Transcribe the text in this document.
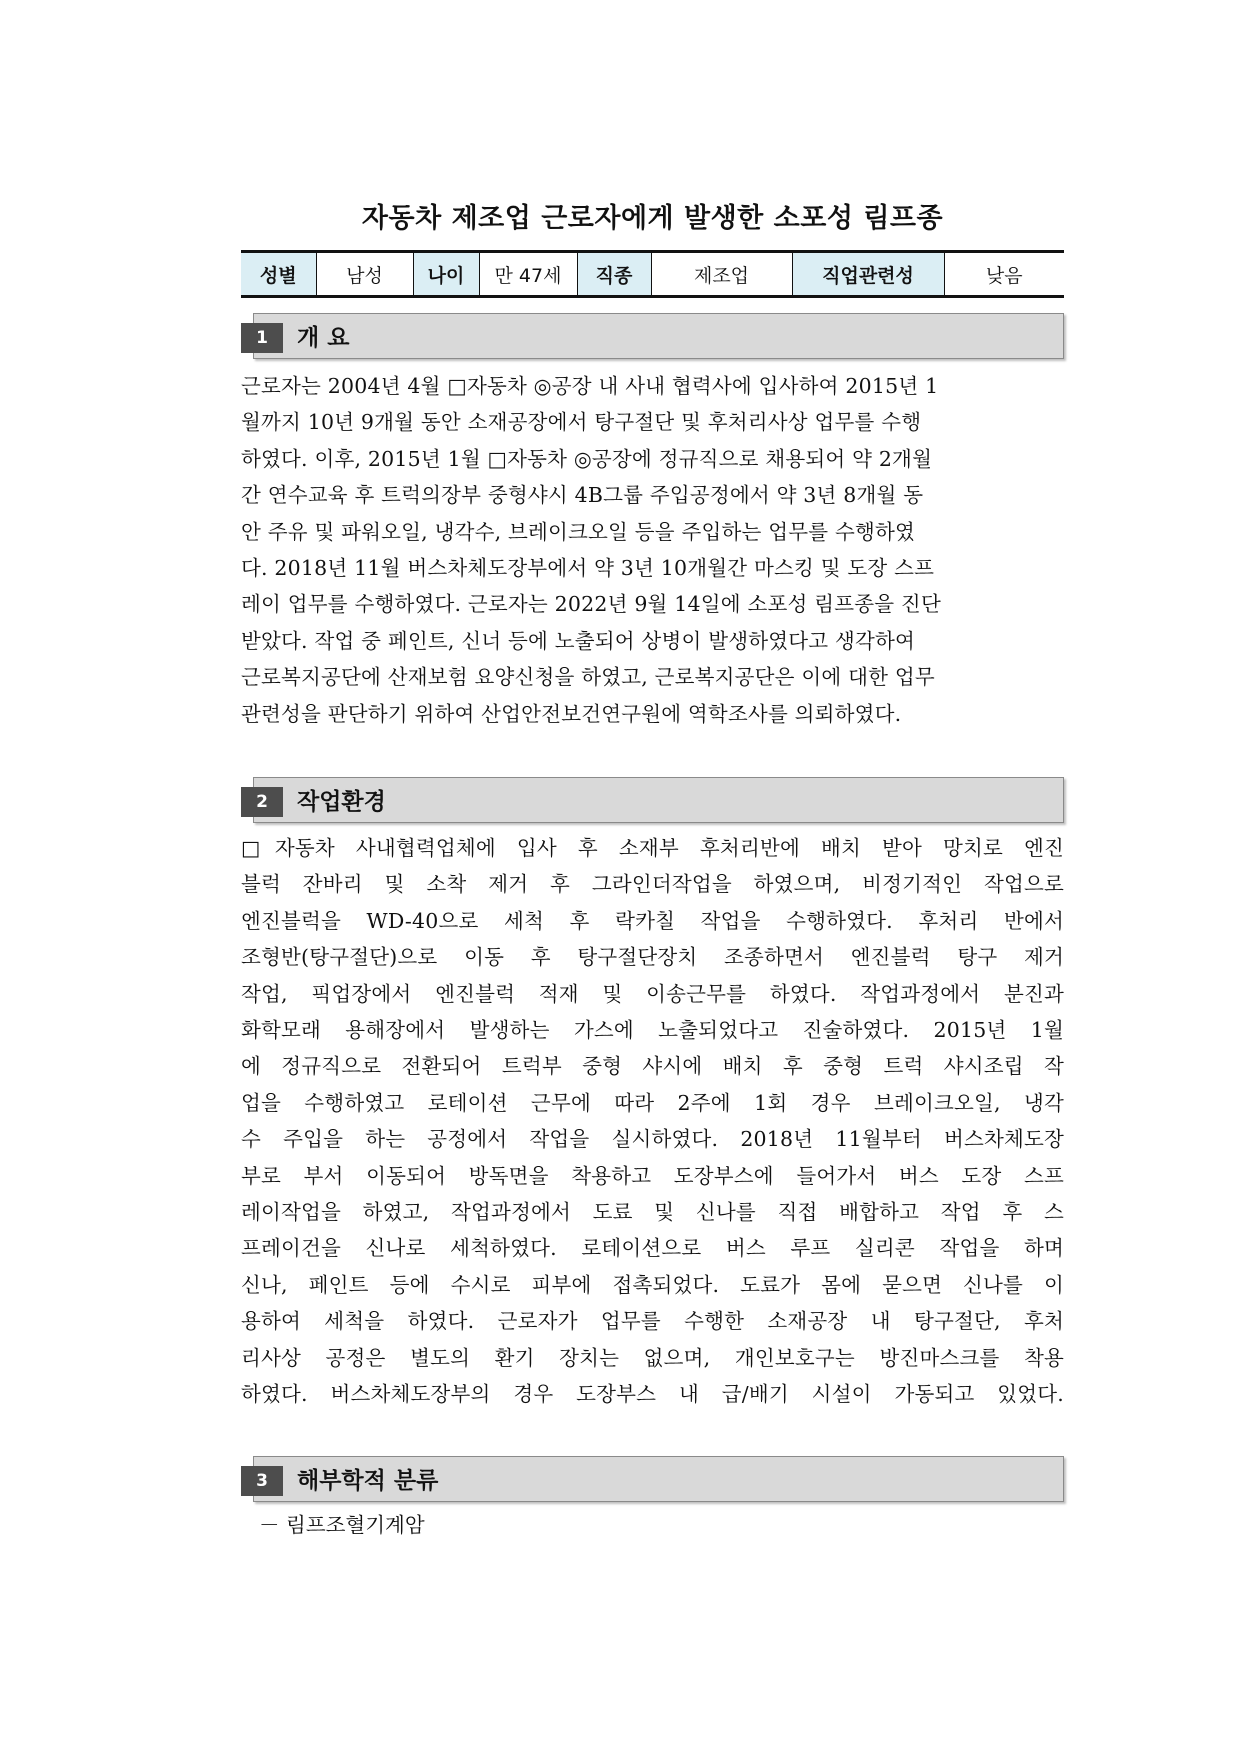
자동차 제조업 근로자에게 발생한 소포성 림프종
성별	남성	나이	만 47세	직종	제조업	직업관련성	낮음
1	개 요
근로자는 2004년 4월 □자동차 ◎공장 내 사내 협력사에 입사하여 2015년 1
월까지 10년 9개월 동안 소재공장에서 탕구절단 및 후처리사상 업무를 수행
하였다. 이후, 2015년 1월 □자동차 ◎공장에 정규직으로 채용되어 약 2개월
간 연수교육 후 트럭의장부 중형샤시 4B그룹 주입공정에서 약 3년 8개월 동
안 주유 및 파워오일, 냉각수, 브레이크오일 등을 주입하는 업무를 수행하였
다. 2018년 11월 버스차체도장부에서 약 3년 10개월간 마스킹 및 도장 스프
레이 업무를 수행하였다. 근로자는 2022년 9월 14일에 소포성 림프종을 진단
받았다. 작업 중 페인트, 신너 등에 노출되어 상병이 발생하였다고 생각하여
근로복지공단에 산재보험 요양신청을 하였고, 근로복지공단은 이에 대한 업무
관련성을 판단하기 위하여 산업안전보건연구원에 역학조사를 의뢰하였다.
2	작업환경
□자동차 사내협력업체에 입사 후 소재부 후처리반에 배치 받아 망치로 엔진
블럭 잔바리 및 소착 제거 후 그라인더작업을 하였으며, 비정기적인 작업으로
엔진블럭을 WD-40으로 세척 후 락카칠 작업을 수행하였다. 후처리 반에서
조형반(탕구절단)으로 이동 후 탕구절단장치 조종하면서 엔진블럭 탕구 제거
작업, 픽업장에서 엔진블럭 적재 및 이송근무를 하였다. 작업과정에서 분진과
화학모래 용해장에서 발생하는 가스에 노출되었다고 진술하였다. 2015년 1월
에 정규직으로 전환되어 트럭부 중형 샤시에 배치 후 중형 트럭 샤시조립 작
업을 수행하였고 로테이션 근무에 따라 2주에 1회 경우 브레이크오일, 냉각
수 주입을 하는 공정에서 작업을 실시하였다. 2018년 11월부터 버스차체도장
부로 부서 이동되어 방독면을 착용하고 도장부스에 들어가서 버스 도장 스프
레이작업을 하였고, 작업과정에서 도료 및 신나를 직접 배합하고 작업 후 스
프레이건을 신나로 세척하였다. 로테이션으로 버스 루프 실리콘 작업을 하며
신나, 페인트 등에 수시로 피부에 접촉되었다. 도료가 몸에 묻으면 신나를 이
용하여 세척을 하였다. 근로자가 업무를 수행한 소재공장 내 탕구절단, 후처
리사상 공정은 별도의 환기 장치는 없으며, 개인보호구는 방진마스크를 착용
하였다. 버스차체도장부의 경우 도장부스 내 급/배기 시설이 가동되고 있었다.
3	해부학적 분류
－ 림프조혈기계암
